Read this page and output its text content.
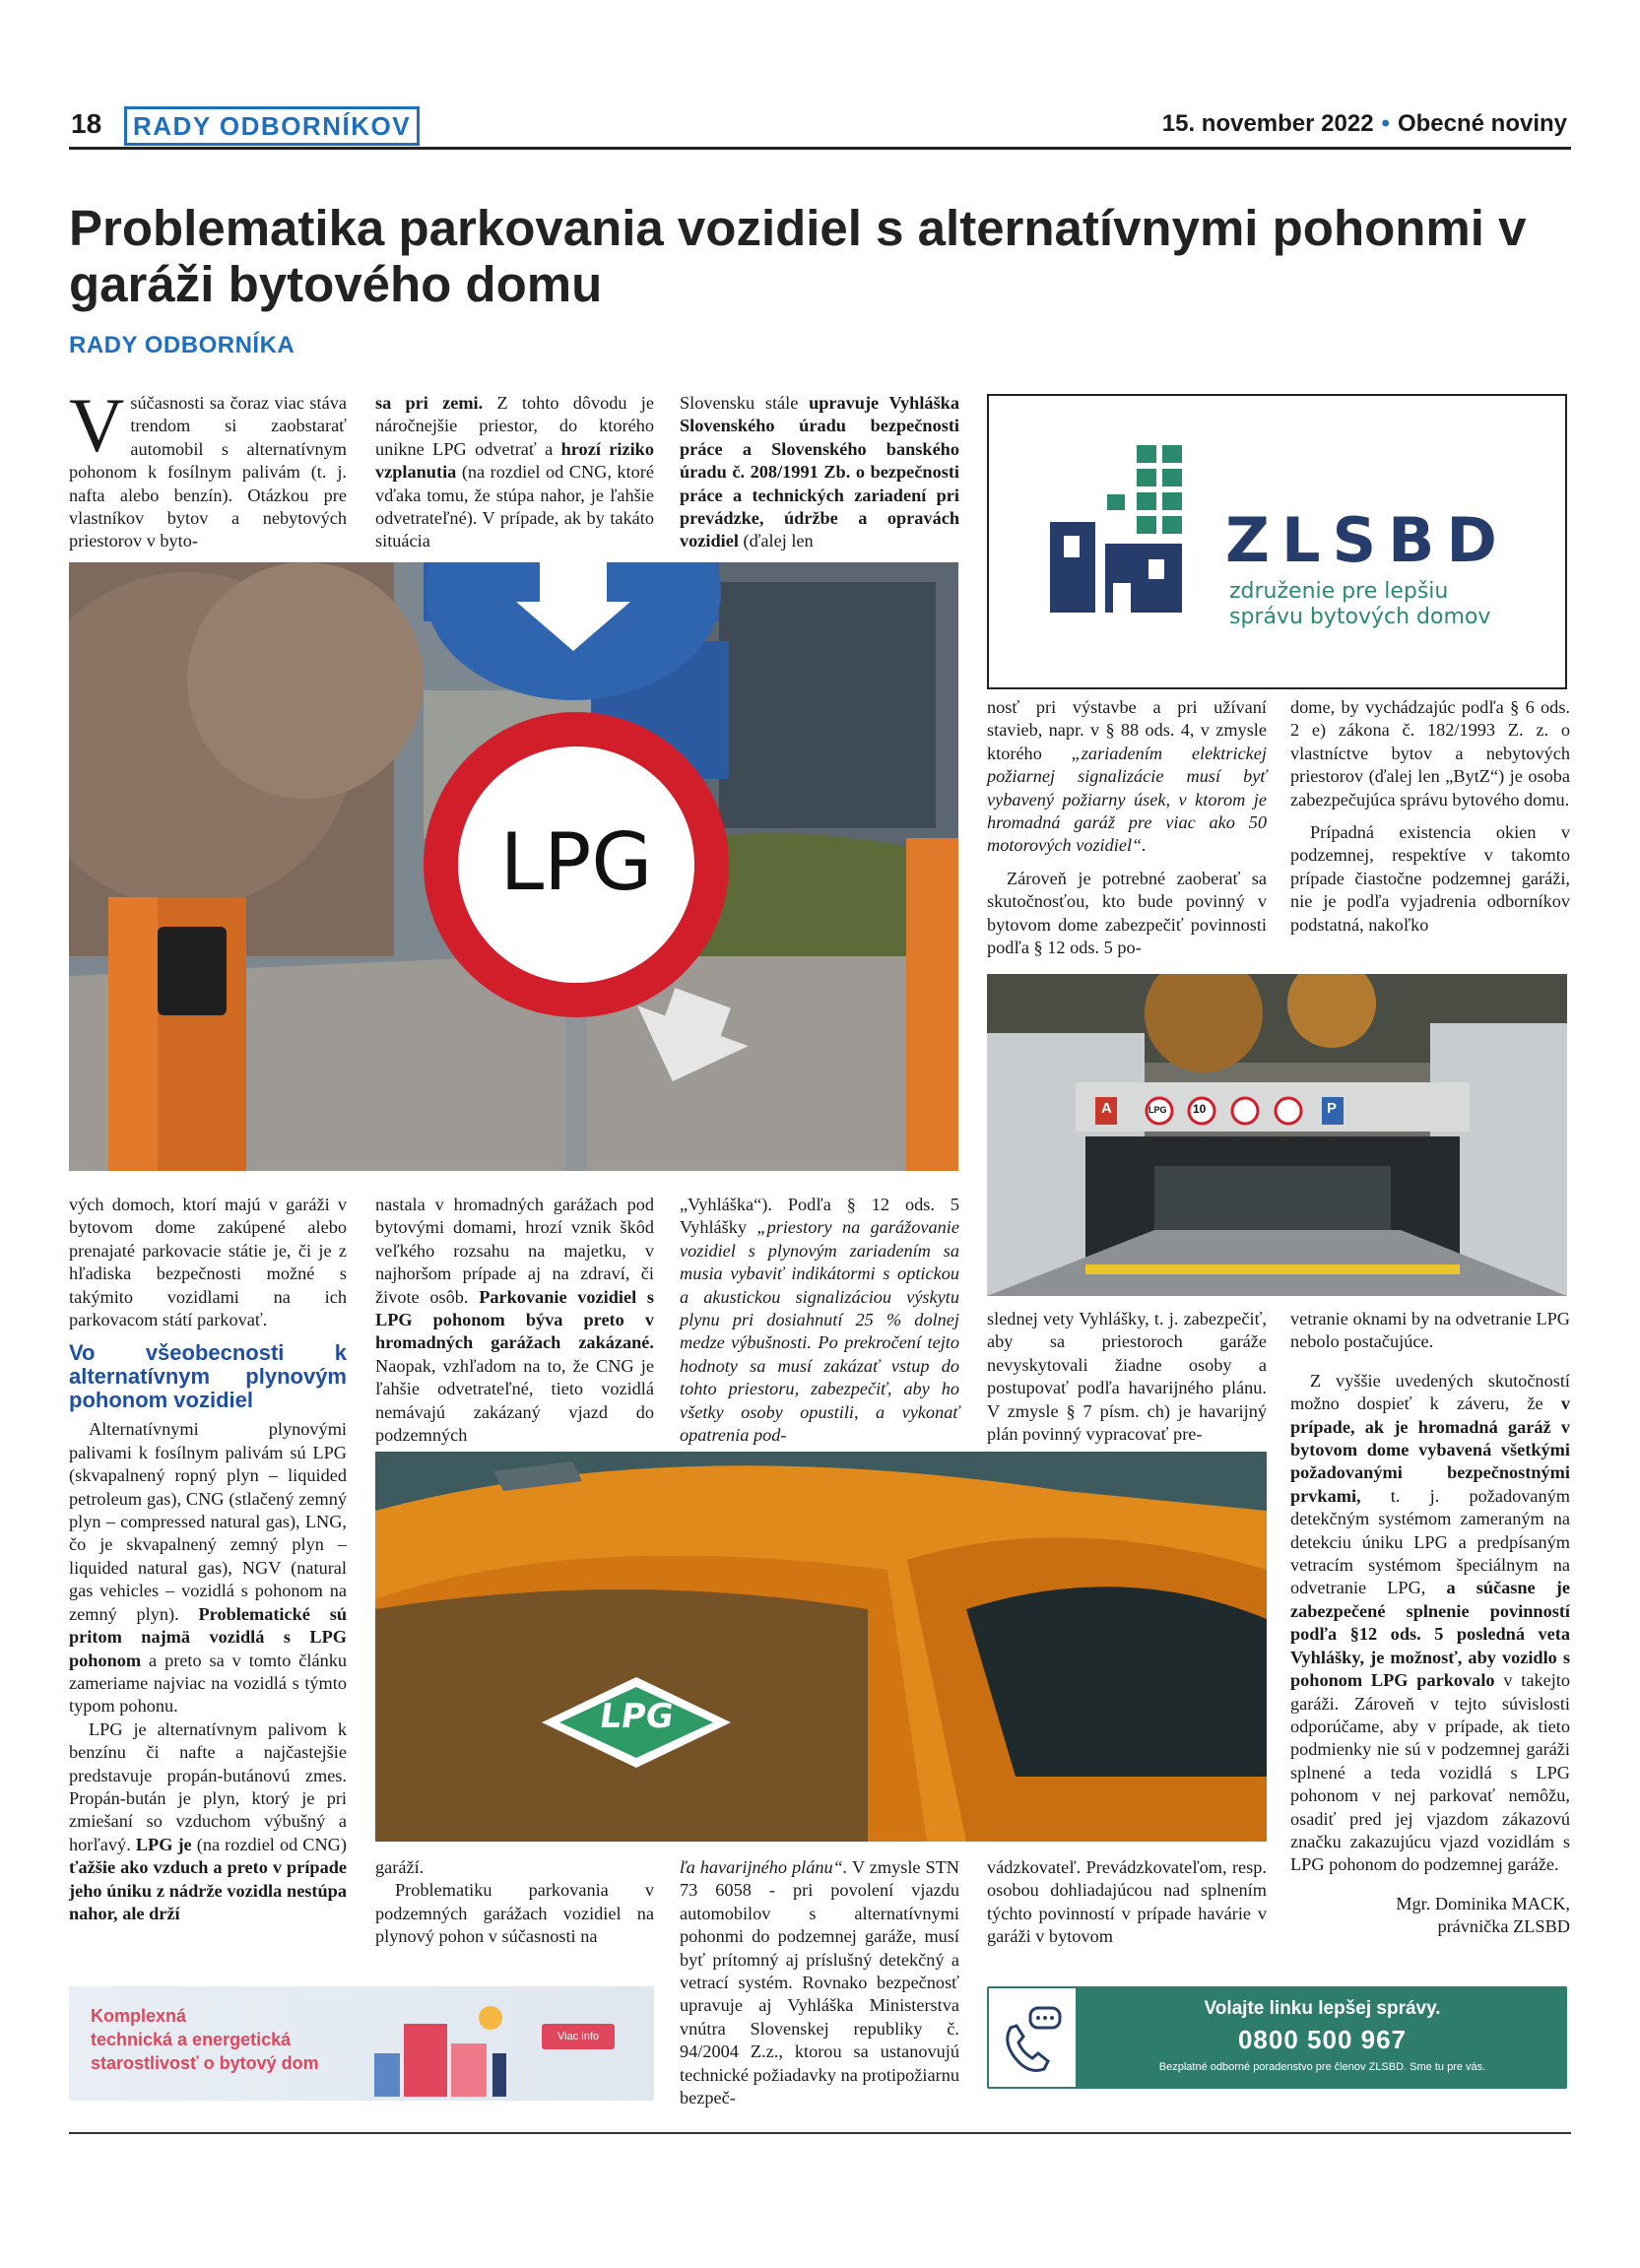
18	RADY ODBORNÍKOV	15. november 2022 • Obecné noviny
Problematika parkovania vozidiel s alternatívnymi pohonmi v garáži bytového domu
RADY ODBORNÍKA

Vsúčasnosti sa čoraz viac stáva trendom si zaobstarať automobil s alternatívnym pohonom k fosílnym palivám (t. j. nafta alebo benzín). Otázkou pre vlastníkov bytov a nebytových priestorov v byto-

sa pri zemi. Z tohto dôvodu je náročnejšie priestor, do ktorého unikne LPG odvetrať a hrozí riziko vzplanutia (na rozdiel od CNG, ktoré vďaka tomu, že stúpa nahor, je ľahšie odvetrateľné). V prípade, ak by takáto situácia

Slovensku stále upravuje Vyhláška Slovenského úradu bezpečnosti práce a Slovenského banského úradu č. 208/1991 Zb. o bezpečnosti práce a technických zariadení pri prevádzke, údržbe a opravách vozidiel (ďalej len	ZLSBD
združenie pre lepšiu
správu bytových domov
LPG

nosť pri výstavbe a pri užívaní stavieb, napr. v § 88 ods. 4, v zmysle ktorého „zariadením elektrickej požiarnej signalizácie musí byť vybavený požiarny úsek, v ktorom je hromadná garáž pre viac ako 50 motorových vozidiel“.

Zároveň je potrebné zaoberať sa skutočnosťou, kto bude povinný v bytovom dome zabezpečiť povinnosti podľa § 12 ods. 5 po-

dome, by vychádzajúc podľa § 6 ods. 2 e) zákona č. 182/1993 Z. z. o vlastníctve bytov a nebytových priestorov (ďalej len „BytZ“) je osoba zabezpečujúca správu bytového domu.

Prípadná existencia okien v podzemnej, respektíve v takomto prípade čiastočne podzemnej garáži, nie je podľa vyjadrenia odborníkov podstatná, nakoľko

A	LPG 10	P

vých domoch, ktorí majú v garáži v bytovom dome zakúpené alebo prenajaté parkovacie státie je, či je z hľadiska bezpečnosti možné s takýmito vozidlami na ich parkovacom státí parkovať.

Vo všeobecnosti k alternatívnym plynovým pohonom vozidiel

Alternatívnymi plynovými palivami k fosílnym palivám sú LPG (skvapalnený ropný plyn – liquided petroleum gas), CNG (stlačený zemný plyn – compressed natural gas), LNG, čo je skvapalnený zemný plyn – liquided natural gas), NGV (natural gas vehicles – vozidlá s pohonom na zemný plyn). Problematické sú pritom najmä vozidlá s LPG pohonom a preto sa v tomto článku zameriame najviac na vozidlá s týmto typom pohonu.

LPG je alternatívnym palivom k benzínu či nafte a najčastejšie predstavuje propán-butánovú zmes. Propán-bután je plyn, ktorý je pri zmiešaní so vzduchom výbušný a horľavý. LPG je (na rozdiel od CNG) ťažšie ako vzduch a preto v prípade jeho úniku z nádrže vozidla nestúpa nahor, ale drží

nastala v hromadných garážach pod bytovými domami, hrozí vznik škôd veľkého rozsahu na majetku, v najhoršom prípade aj na zdraví, či živote osôb. Parkovanie vozidiel s LPG pohonom býva preto v hromadných garážach zakázané. Naopak, vzhľadom na to, že CNG je ľahšie odvetrateľné, tieto vozidlá nemávajú zakázaný vjazd do podzemných

„Vyhláška“). Podľa § 12 ods. 5 Vyhlášky „priestory na garážovanie vozidiel s plynovým zariadením sa musia vybaviť indikátormi s optickou a akustickou signalizáciou výskytu plynu pri dosiahnutí 25 % dolnej medze výbušnosti. Po prekročení tejto hodnoty sa musí zakázať vstup do tohto priestoru, zabezpečiť, aby ho všetky osoby opustili, a vykonať opatrenia pod-

slednej vety Vyhlášky, t. j. zabezpečiť, aby sa priestoroch garáže nevyskytovali žiadne osoby a postupovať podľa havarijného plánu. V zmysle § 7 písm. ch) je havarijný plán povinný vypracovať pre-

vetranie oknami by na odvetranie LPG nebolo postačujúce.

Z vyššie uvedených skutočností možno dospieť k záveru, že v prípade, ak je hromadná garáž v bytovom dome vybavená všetkými požadovanými bezpečnostnými prvkami, t. j. požadovaným detekčným systémom zameraným na detekciu úniku LPG a predpísaným vetracím systémom špeciálnym na odvetranie LPG, a súčasne je zabezpečené splnenie povinností podľa §12 ods. 5 posledná veta Vyhlášky, je možnosť, aby vozidlo s pohonom LPG parkovalo v takejto garáži. Zároveň v tejto súvislosti odporúčame, aby v prípade, ak tieto podmienky nie sú v podzemnej garáži splnené a teda vozidlá s LPG pohonom v nej parkovať nemôžu, osadiť pred jej vjazdom zákazovú značku zakazujúcu vjazd vozidlám s LPG pohonom do podzemnej garáže.

Mgr. Dominika MACK,
právnička ZLSBD
LPG

garáží.

Problematiku parkovania v podzemných garážach vozidiel na plynový pohon v súčasnosti na

ľa havarijného plánu“. V zmysle STN 73 6058 - pri povolení vjazdu automobilov s alternatívnymi pohonmi do podzemnej garáže, musí byť prítomný aj príslušný detekčný a vetrací systém. Rovnako bezpečnosť upravuje aj Vyhláška Ministerstva vnútra Slovenskej republiky č. 94/2004 Z.z., ktorou sa ustanovujú technické požiadavky na protipožiarnu bezpeč-

vádzkovateľ. Prevádzkovateľom, resp. osobou dohliadajúcou nad splnením týchto povinností v prípade havárie v garáži v bytovom

Komplexná
technická a energetická
starostlivosť o bytový dom
Viac info
Volajte linku lepšej správy.
0800 500 967
Bezplatné odborné poradenstvo pre členov ZLSBD. Sme tu pre vás.
